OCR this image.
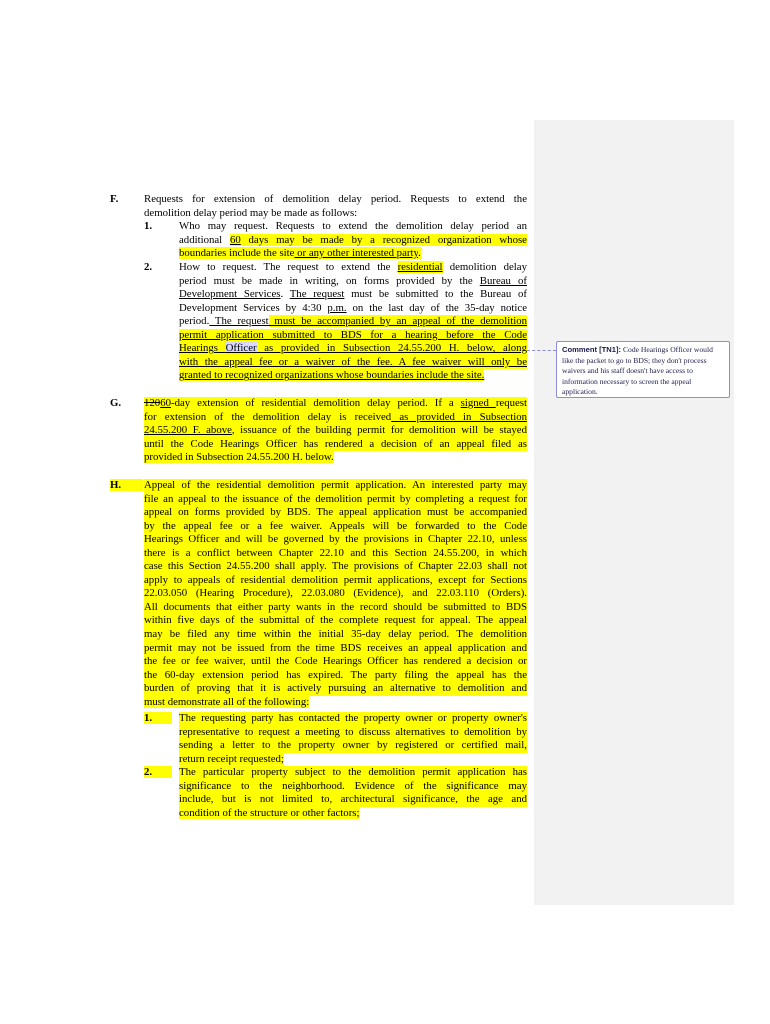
Comment [TN1]: Code Hearings Officer would like the packet to go to BDS; they don't process waivers and his staff doesn't have access to information necessary to screen the appeal application.
F. Requests for extension of demolition delay period. Requests to extend the
demolition delay period may be made as follows:
1. Who may request. Requests to extend the demolition delay period an
additional 60 days may be made by a recognized organization whose
boundaries include the site or any other interested party.
2. How to request. The request to extend the residential demolition delay
period must be made in writing, on forms provided by the Bureau of
Development Services. The request must be submitted to the Bureau of
Development Services by 4:30 p.m. on the last day of the 35-day notice
period. The request must be accompanied by an appeal of the demolition
permit application submitted to BDS for a hearing before the Code
Hearings Officer as provided in Subsection 24.55.200 H. below, along
with the appeal fee or a waiver of the fee. A fee waiver will only be
granted to recognized organizations whose boundaries include the site.
G. 12060-day extension of residential demolition delay period. If a signed request
for extension of the demolition delay is received as provided in Subsection
24.55.200 F. above, issuance of the building permit for demolition will be stayed
until the Code Hearings Officer has rendered a decision of an appeal filed as
provided in Subsection 24.55.200 H. below.
H.	Appeal of the residential demolition permit application. An interested party may
file an appeal to the issuance of the demolition permit by completing a request for
appeal on forms provided by BDS. The appeal application must be accompanied
by the appeal fee or a fee waiver. Appeals will be forwarded to the Code
Hearings Officer and will be governed by the provisions in Chapter 22.10, unless
there is a conflict between Chapter 22.10 and this Section 24.55.200, in which
case this Section 24.55.200 shall apply. The provisions of Chapter 22.03 shall not
apply to appeals of residential demolition permit applications, except for Sections
22.03.050 (Hearing Procedure), 22.03.080 (Evidence), and 22.03.110 (Orders).
All documents that either party wants in the record should be submitted to BDS
within five days of the submittal of the complete request for appeal. The appeal
may be filed any time within the initial 35-day delay period. The demolition
permit may not be issued from the time BDS receives an appeal application and
the fee or fee waiver, until the Code Hearings Officer has rendered a decision or
the 60-day extension period has expired. The party filing the appeal has the
burden of proving that it is actively pursuing an alternative to demolition and
must demonstrate all of the following:
1.	The requesting party has contacted the property owner or property owner's
representative to request a meeting to discuss alternatives to demolition by
sending a letter to the property owner by registered or certified mail,
return receipt requested;
2.	The particular property subject to the demolition permit application has
significance to the neighborhood. Evidence of the significance may
include, but is not limited to, architectural significance, the age and
condition of the structure or other factors;
